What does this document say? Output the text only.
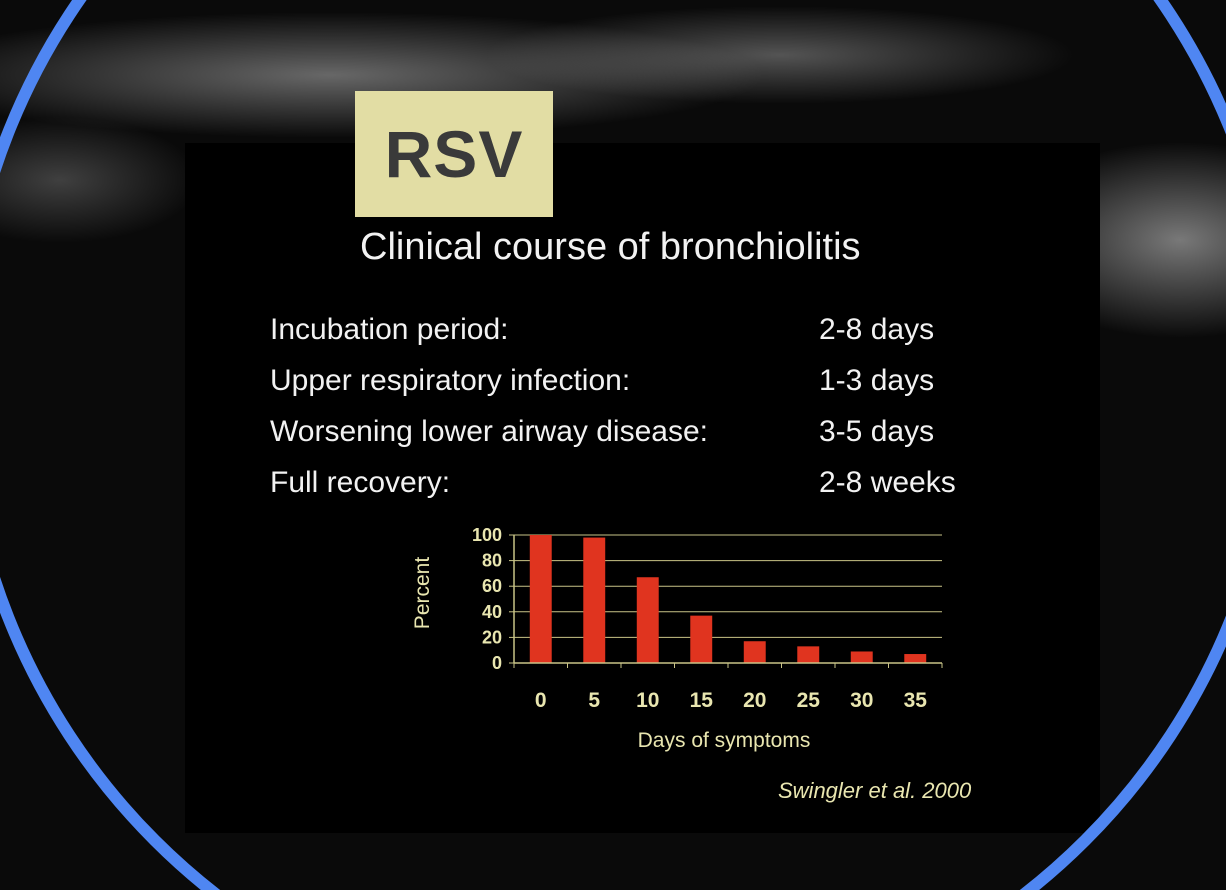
RSV
Clinical course of bronchiolitis
Incubation period:	2-8 days
Upper respiratory infection:	1-3 days
Worsening lower airway disease:	3-5 days
Full recovery:	2-8 weeks
0
20
40
60
80
100
0 5 10 15 20 25 30 35
Days of symptoms
Percent
Swingler et al. 2000
